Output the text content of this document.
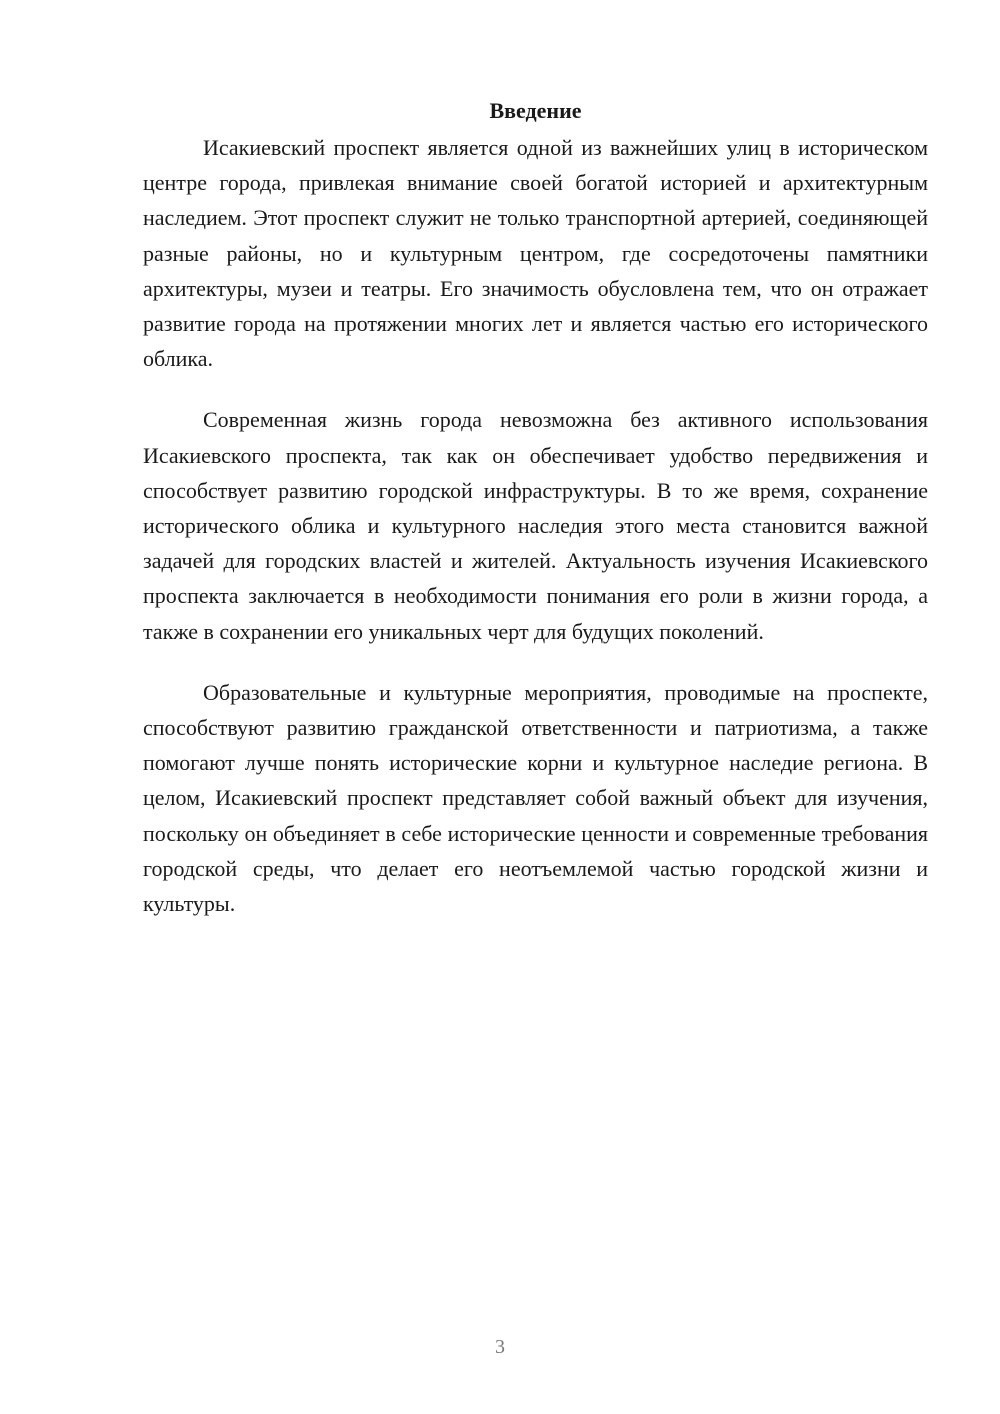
Введение

Исакиевский проспект является одной из важнейших улиц в историческом центре города, привлекая внимание своей богатой историей и архитектурным наследием. Этот проспект служит не только транспортной артерией, соединяющей разные районы, но и культурным центром, где сосредоточены памятники архитектуры, музеи и театры. Его значимость обусловлена тем, что он отражает развитие города на протяжении многих лет и является частью его исторического облика.

Современная жизнь города невозможна без активного использования Исакиевского проспекта, так как он обеспечивает удобство передвижения и способствует развитию городской инфраструктуры. В то же время, сохранение исторического облика и культурного наследия этого места становится важной задачей для городских властей и жителей. Актуальность изучения Исакиевского проспекта заключается в необходимости понимания его роли в жизни города, а также в сохранении его уникальных черт для будущих поколений.

Образовательные и культурные мероприятия, проводимые на проспекте, способствуют развитию гражданской ответственности и патриотизма, а также помогают лучше понять исторические корни и культурное наследие региона. В целом, Исакиевский проспект представляет собой важный объект для изучения, поскольку он объединяет в себе исторические ценности и современные требования городской среды, что делает его неотъемлемой частью городской жизни и культуры.

3
